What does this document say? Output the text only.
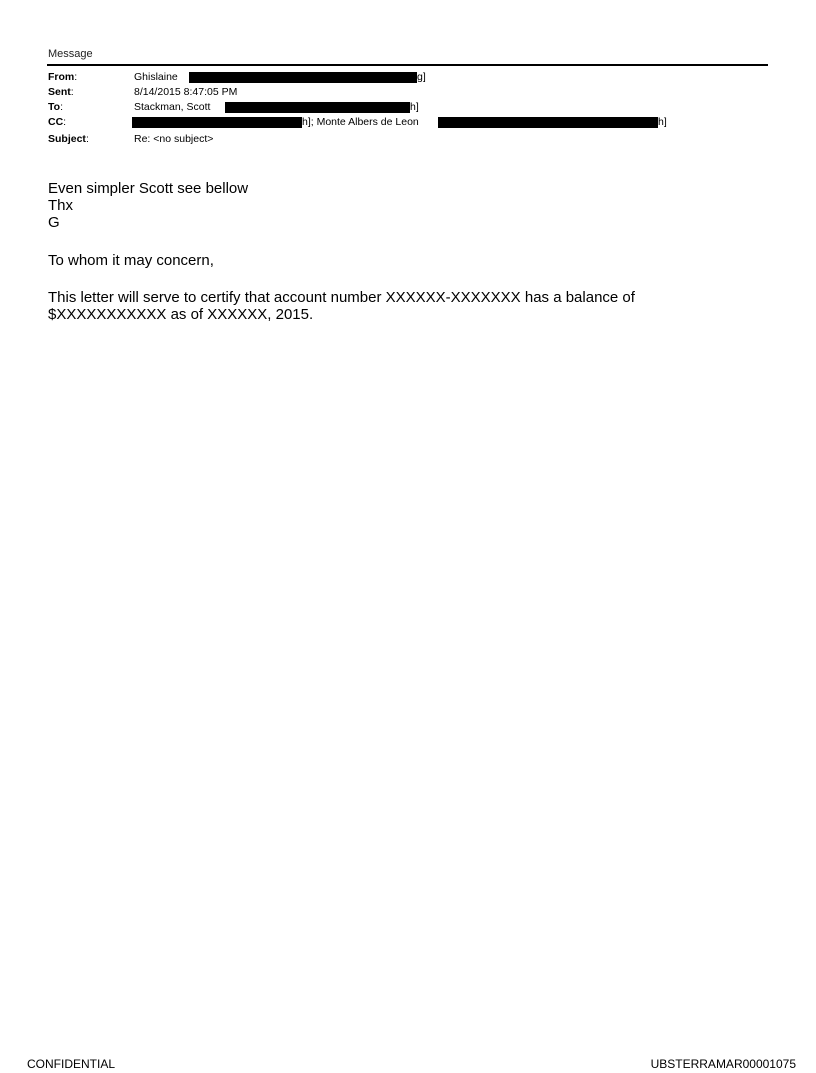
Message
From:	Ghislaine	g]
Sent:	8/14/2015 8:47:05 PM
To:	Stackman, Scott	h]
CC:	h]; Monte Albers de Leon	h]
Subject:	Re: <no subject>
Even simpler Scott see bellow
Thx
G
To whom it may concern,
This letter will serve to certify that account number XXXXXX-XXXXXXX has a balance of
$XXXXXXXXXXX as of XXXXXX, 2015.
CONFIDENTIAL	UBSTERRAMAR00001075
